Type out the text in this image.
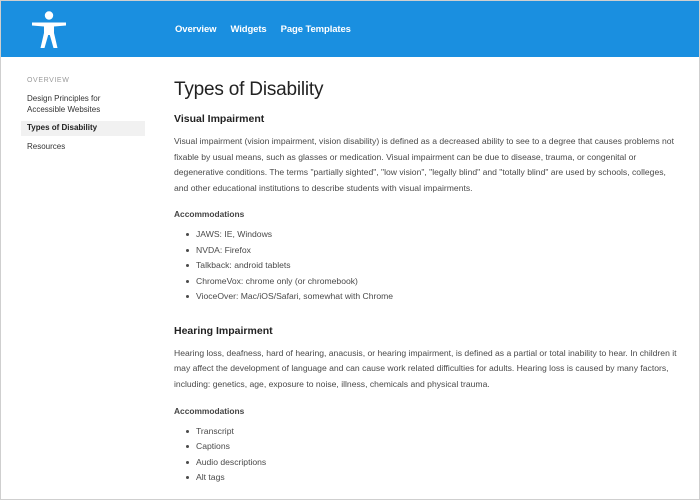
Overview Widgets Page Templates
OVERVIEW
Design Principles for Accessible Websites
Types of Disability
Resources
Types of Disability
Visual Impairment

Visual impairment (vision impairment, vision disability) is defined as a decreased ability to see to a degree that causes problems not fixable by usual means, such as glasses or medication. Visual impairment can be due to disease, trauma, or congenital or degenerative conditions. The terms "partially sighted", "low vision", "legally blind" and "totally blind" are used by schools, colleges, and other educational institutions to describe students with visual impairments.

Accommodations
JAWS: IE, Windows
NVDA: Firefox
Talkback: android tablets
ChromeVox: chrome only (or chromebook)
VioceOver: Mac/iOS/Safari, somewhat with Chrome
Hearing Impairment

Hearing loss, deafness, hard of hearing, anacusis, or hearing impairment, is defined as a partial or total inability to hear. In children it may affect the development of language and can cause work related difficulties for adults. Hearing loss is caused by many factors, including: genetics, age, exposure to noise, illness, chemicals and physical trauma.

Accommodations
Transcript
Captions
Audio descriptions
Alt tags
